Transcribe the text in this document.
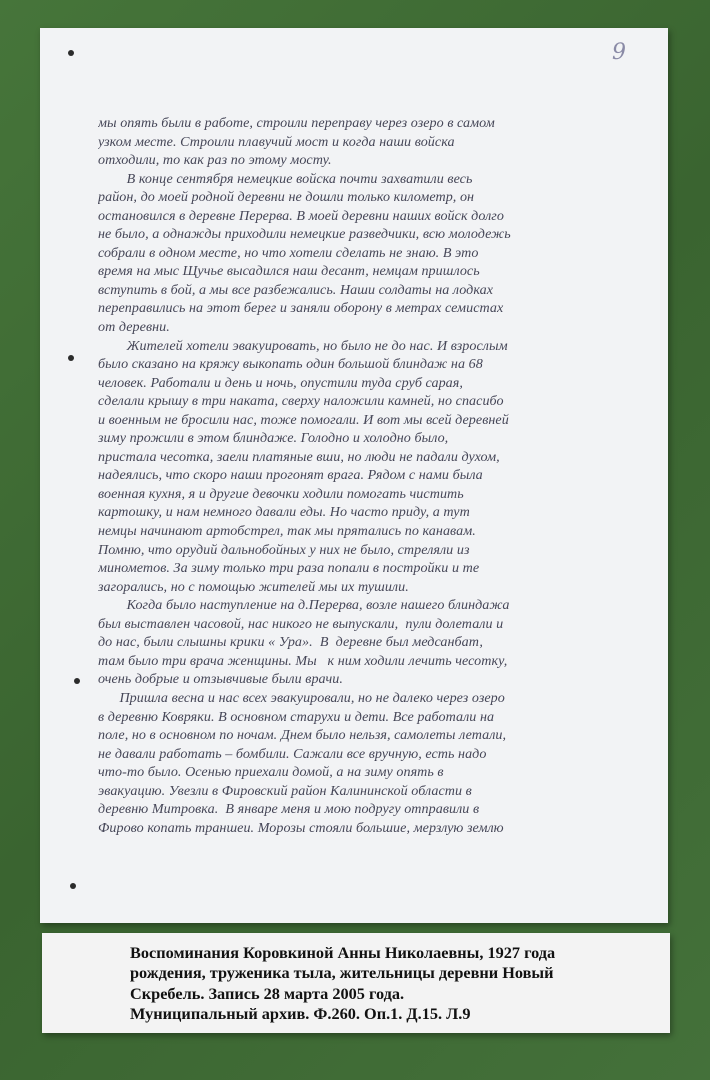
9
мы опять были в работе, строили переправу через озеро в самом
узком месте. Строили плавучий мост и когда наши войска
отходили, то как раз по этому мосту.
В конце сентября немецкие войска почти захватили весь
район, до моей родной деревни не дошли только километр, он
остановился в деревне Перерва. В моей деревни наших войск долго
не было, а однажды приходили немецкие разведчики, всю молодежь
собрали в одном месте, но что хотели сделать не знаю. В это
время на мыс Щучье высадился наш десант, немцам пришлось
вступить в бой, а мы все разбежались. Наши солдаты на лодках
переправились на этот берег и заняли оборону в метрах семистах
от деревни.
Жителей хотели эвакуировать, но было не до нас. И взрослым
было сказано на кряжу выкопать один большой блиндаж на 68
человек. Работали и день и ночь, опустили туда сруб сарая,
сделали крышу в три наката, сверху наложили камней, но спасибо
и военным не бросили нас, тоже помогали. И вот мы всей деревней
зиму прожили в этом блиндаже. Голодно и холодно было,
пристала чесотка, заели платяные вши, но люди не падали духом,
надеялись, что скоро наши прогонят врага. Рядом с нами была
военная кухня, я и другие девочки ходили помогать чистить
картошку, и нам немного давали еды. Но часто приду, а тут
немцы начинают артобстрел, так мы прятались по канавам.
Помню, что орудий дальнобойных у них не было, стреляли из
минометов. За зиму только три раза попали в постройки и те
загорались, но с помощью жителей мы их тушили.
Когда было наступление на д.Перерва, возле нашего блиндажа
был выставлен часовой, нас никого не выпускали,  пули долетали и
до нас, были слышны крики « Ура».  В  деревне был медсанбат,
там было три врача женщины. Мы   к ним ходили лечить чесотку,
очень добрые и отзывчивые были врачи.
Пришла весна и нас всех эвакуировали, но не далеко через озеро
в деревню Ковряки. В основном старухи и дети. Все работали на
поле, но в основном по ночам. Днем было нельзя, самолеты летали,
не давали работать – бомбили. Сажали все вручную, есть надо
что-то было. Осенью приехали домой, а на зиму опять в
эвакуацию. Увезли в Фировский район Калининской области в
деревню Митровка.  В январе меня и мою подругу отправили в
Фирово копать траншеи. Морозы стояли большие, мерзлую землю
Воспоминания Коровкиной Анны Николаевны, 1927 года
рождения, труженика тыла, жительницы деревни Новый
Скребель. Запись 28 марта 2005 года.
Муниципальный архив. Ф.260. Оп.1. Д.15. Л.9
